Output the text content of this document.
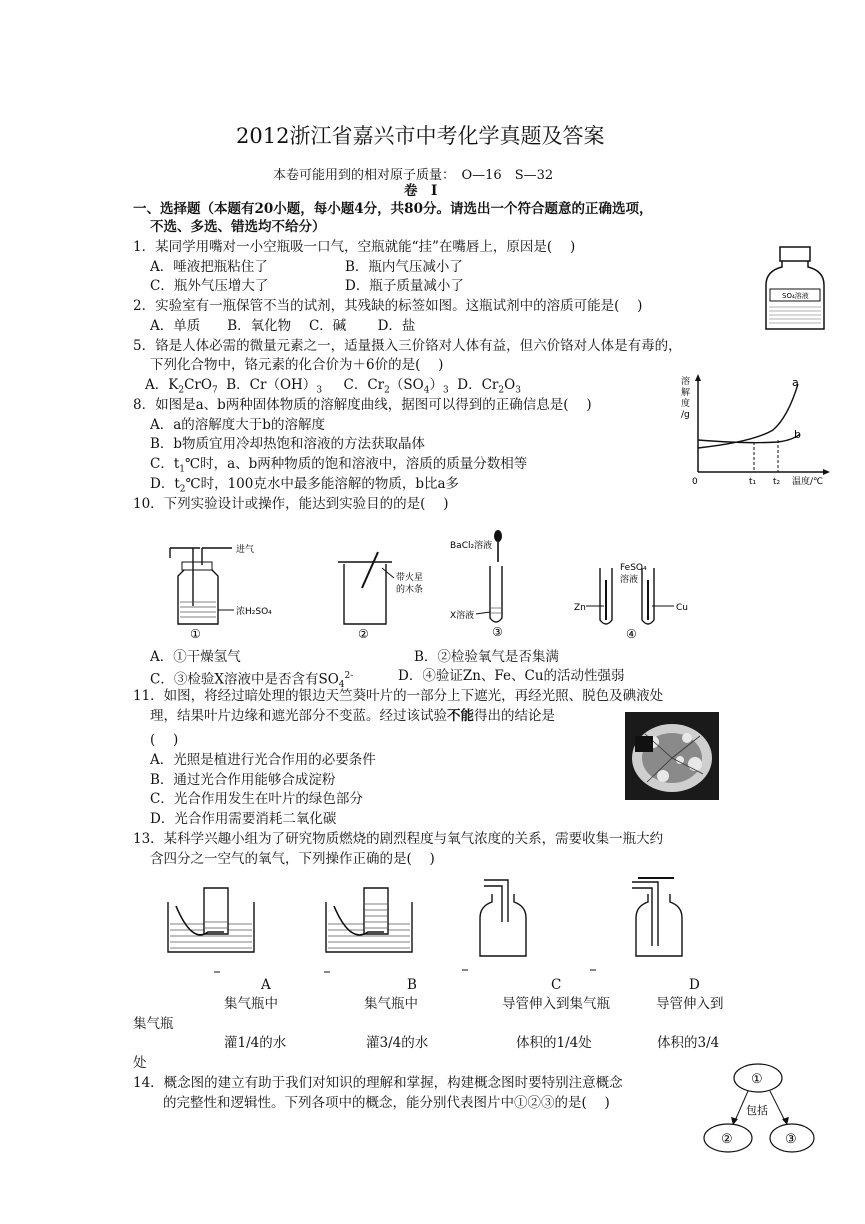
2012浙江省嘉兴市中考化学真题及答案
本卷可能用到的相对原子质量：　O—16　S—32
卷　I
一、选择题（本题有20小题，每小题4分，共80分。请选出一个符合题意的正确选项，
不选、多选、错选均不给分）
1．某同学用嘴对一小空瓶吸一口气，空瓶就能“挂”在嘴唇上，原因是(　 )
A．唾液把瓶粘住了	B．瓶内气压减小了
C．瓶外气压增大了	D．瓶子质量减小了
SO₄溶液
2．实验室有一瓶保管不当的试剂，其残缺的标签如图。这瓶试剂中的溶质可能是(　 )
A．单质　　B．氧化物　 C．碱　　 D．盐
5．铬是人体必需的微量元素之一，适量摄入三价铬对人体有益，但六价铬对人体是有毒的，
下列化合物中，铬元素的化合价为＋6价的是(　 )
A．$K_2CrO_7$ B．$Cr(OH)_3$ C．$Cr_2(SO_4)_3$ D．$Cr_2O_3$
溶解度/g
0	温度/℃
a
b
t₁ t₂
8．如图是a、b两种固体物质的溶解度曲线，据图可以得到的正确信息是(　 )
A．a的溶解度大于b的溶解度
B．b物质宜用冷却热饱和溶液的方法获取晶体
C．$t_1℃$时，a、b两种物质的饱和溶液中，溶质的质量分数相等
D．$t_2℃$时，100克水中最多能溶解的物质，b比a多
10．下列实验设计或操作，能达到实验目的的是(　 )
进气
浓H₂SO₄
①
带火星
的木条
②
BaCl₂溶液
X溶液
③
FeSO₄
溶液
Zn	Cu
④
A．①干燥氢气	B．②检验氧气是否集满
C．③检验X溶液中是否含有$SO_4^{2-}$	D．④验证Zn、Fe、Cu的活动性强弱
11．如图，将经过暗处理的银边天竺葵叶片的一部分上下遮光，再经光照、脱色及碘液处
理，结果叶片边缘和遮光部分不变蓝。经过该试验不能得出的结论是
(　 )
A．光照是植进行光合作用的必要条件
B．通过光合作用能够合成淀粉
C．光合作用发生在叶片的绿色部分
D．光合作用需要消耗二氧化碳
13．某科学兴趣小组为了研究物质燃烧的剧烈程度与氧气浓度的关系，需要收集一瓶大约
含四分之一空气的氧气，下列操作正确的是(　 )
A	B	C	D
集气瓶中	集气瓶中	导管伸入到集气瓶	导管伸入到
集气瓶
灌1/4的水	灌3/4的水	体积的1/4处	体积的3/4
处
14．概念图的建立有助于我们对知识的理解和掌握，构建概念图时要特别注意概念
的完整性和逻辑性。下列各项中的概念，能分别代表图片中①②③的是(　 )
①
②	③
包括
